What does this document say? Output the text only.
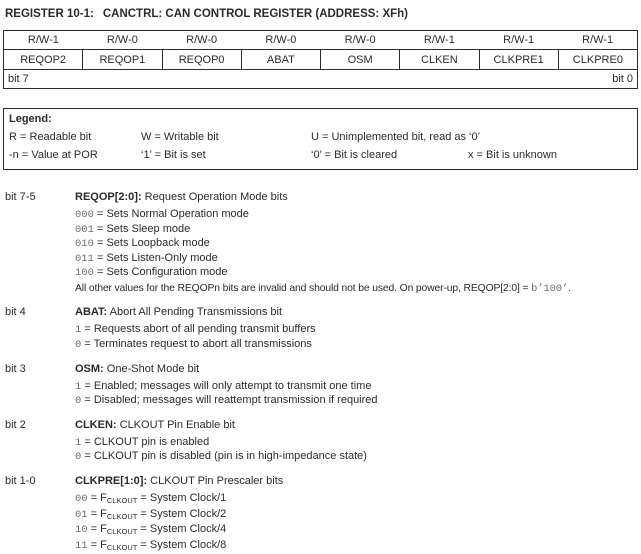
REGISTER 10-1: CANCTRL: CAN CONTROL REGISTER (ADDRESS: XFh)
R/W-1	R/W-0	R/W-0	R/W-0	R/W-0	R/W-1	R/W-1	R/W-1
REQOP2	REQOP1	REQOP0	ABAT	OSM	CLKEN	CLKPRE1	CLKPRE0

bit 7 bit 0							
Legend:
R = Readable bit	W = Writable bit	U = Unimplemented bit, read as ‘0’
-n = Value at POR	‘1’ = Bit is set	‘0’ = Bit is cleared	x = Bit is unknown
bit 7-5	REQOP[2:0]: Request Operation Mode bits
000 = Sets Normal Operation mode
001 = Sets Sleep mode
010 = Sets Loopback mode
011 = Sets Listen-Only mode
100 = Sets Configuration mode
All other values for the REQOPn bits are invalid and should not be used. On power-up, REQOP[2:0] = b’100’.
bit 4	ABAT: Abort All Pending Transmissions bit
1 = Requests abort of all pending transmit buffers
0 = Terminates request to abort all transmissions
bit 3	OSM: One-Shot Mode bit
1 = Enabled; messages will only attempt to transmit one time
0 = Disabled; messages will reattempt transmission if required
bit 2	CLKEN: CLKOUT Pin Enable bit
1 = CLKOUT pin is enabled
0 = CLKOUT pin is disabled (pin is in high-impedance state)
bit 1-0	CLKPRE[1:0]: CLKOUT Pin Prescaler bits
$00 = F_{CLKOUT}$ = System Clock/1
$01 = F_{CLKOUT}$ = System Clock/2
$10 = F_{CLKOUT}$ = System Clock/4
$11 = F_{CLKOUT}$ = System Clock/8
